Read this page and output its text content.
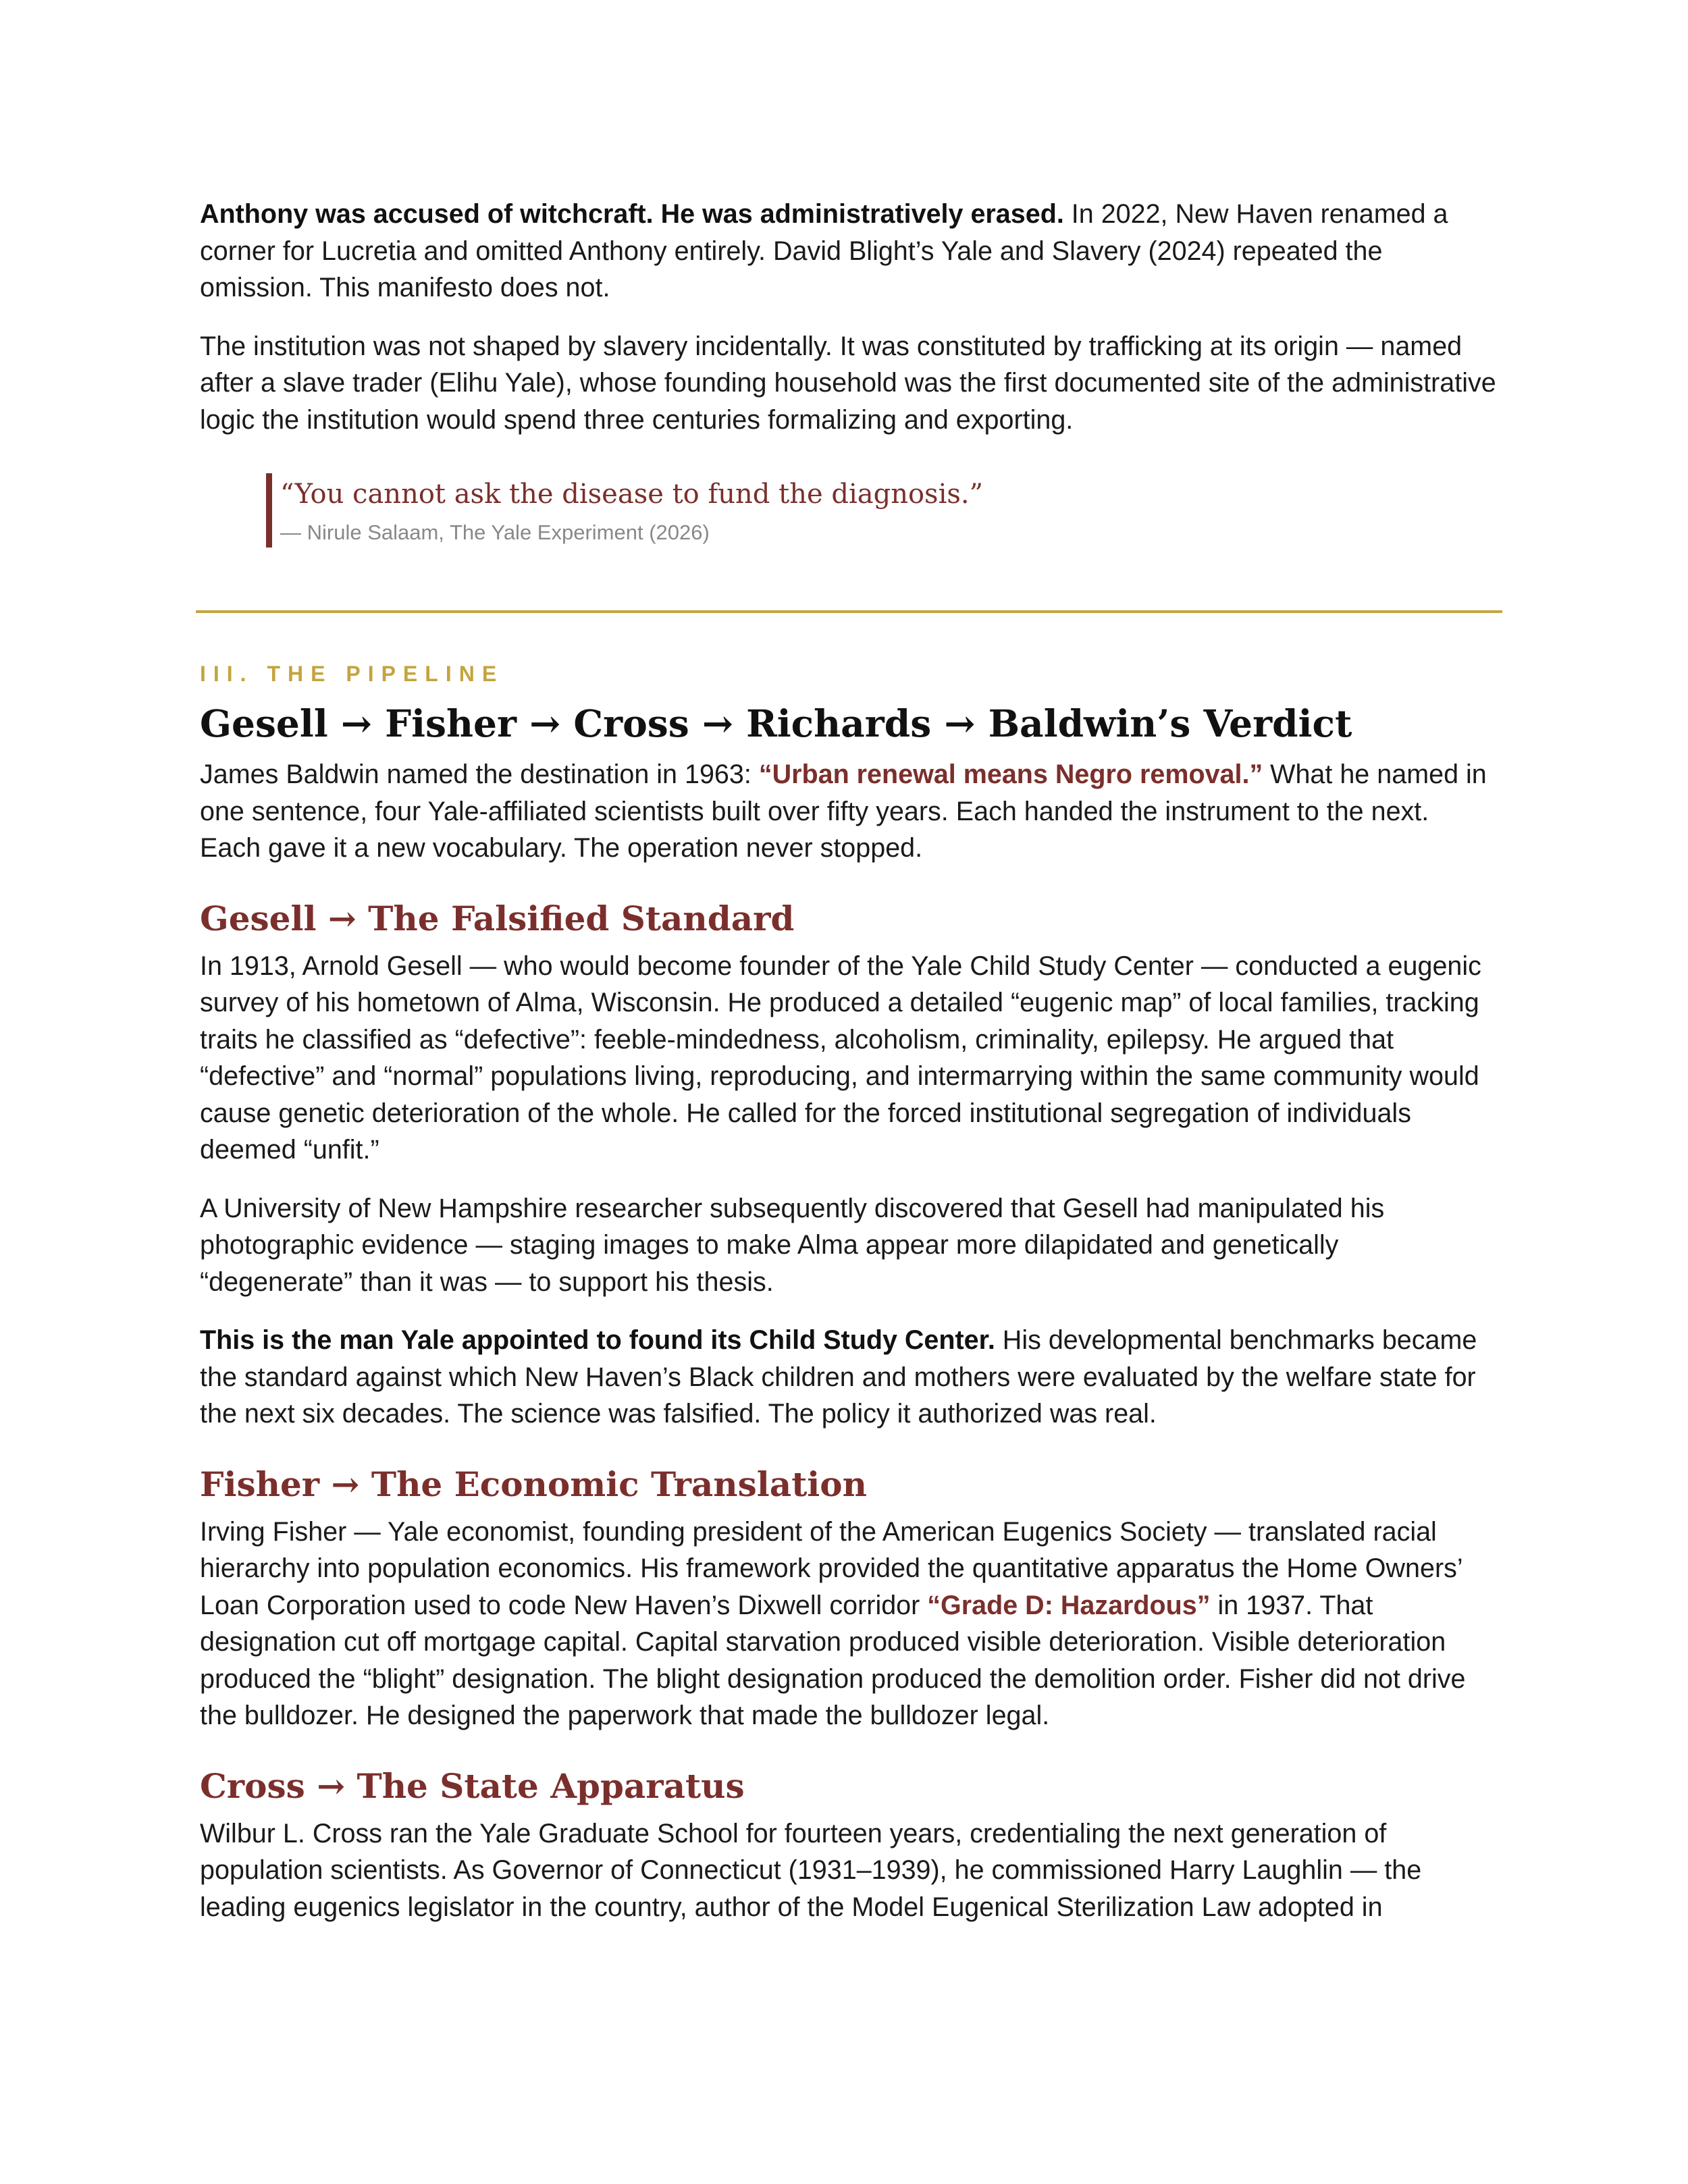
Anthony was accused of witchcraft. He was administratively erased. In 2022, New Haven renamed a corner for Lucretia and omitted Anthony entirely. David Blight’s Yale and Slavery (2024) repeated the omission. This manifesto does not.

The institution was not shaped by slavery incidentally. It was constituted by trafficking at its origin — named after a slave trader (Elihu Yale), whose founding household was the first documented site of the administrative logic the institution would spend three centuries formalizing and exporting.

“You cannot ask the disease to fund the diagnosis.”
— Nirule Salaam, The Yale Experiment (2026)

III. THE PIPELINE

Gesell → Fisher → Cross → Richards → Baldwin’s Verdict

James Baldwin named the destination in 1963: “Urban renewal means Negro removal.” What he named in one sentence, four Yale-affiliated scientists built over fifty years. Each handed the instrument to the next. Each gave it a new vocabulary. The operation never stopped.

Gesell → The Falsified Standard

In 1913, Arnold Gesell — who would become founder of the Yale Child Study Center — conducted a eugenic survey of his hometown of Alma, Wisconsin. He produced a detailed “eugenic map” of local families, tracking traits he classified as “defective”: feeble-mindedness, alcoholism, criminality, epilepsy. He argued that “defective” and “normal” populations living, reproducing, and intermarrying within the same community would cause genetic deterioration of the whole. He called for the forced institutional segregation of individuals deemed “unfit.”

A University of New Hampshire researcher subsequently discovered that Gesell had manipulated his photographic evidence — staging images to make Alma appear more dilapidated and genetically “degenerate” than it was — to support his thesis.

This is the man Yale appointed to found its Child Study Center. His developmental benchmarks became the standard against which New Haven’s Black children and mothers were evaluated by the welfare state for the next six decades. The science was falsified. The policy it authorized was real.

Fisher → The Economic Translation

Irving Fisher — Yale economist, founding president of the American Eugenics Society — translated racial hierarchy into population economics. His framework provided the quantitative apparatus the Home Owners’ Loan Corporation used to code New Haven’s Dixwell corridor “Grade D: Hazardous” in 1937. That designation cut off mortgage capital. Capital starvation produced visible deterioration. Visible deterioration produced the “blight” designation. The blight designation produced the demolition order. Fisher did not drive the bulldozer. He designed the paperwork that made the bulldozer legal.

Cross → The State Apparatus

Wilbur L. Cross ran the Yale Graduate School for fourteen years, credentialing the next generation of population scientists. As Governor of Connecticut (1931–1939), he commissioned Harry Laughlin — the leading eugenics legislator in the country, author of the Model Eugenical Sterilization Law adopted in
